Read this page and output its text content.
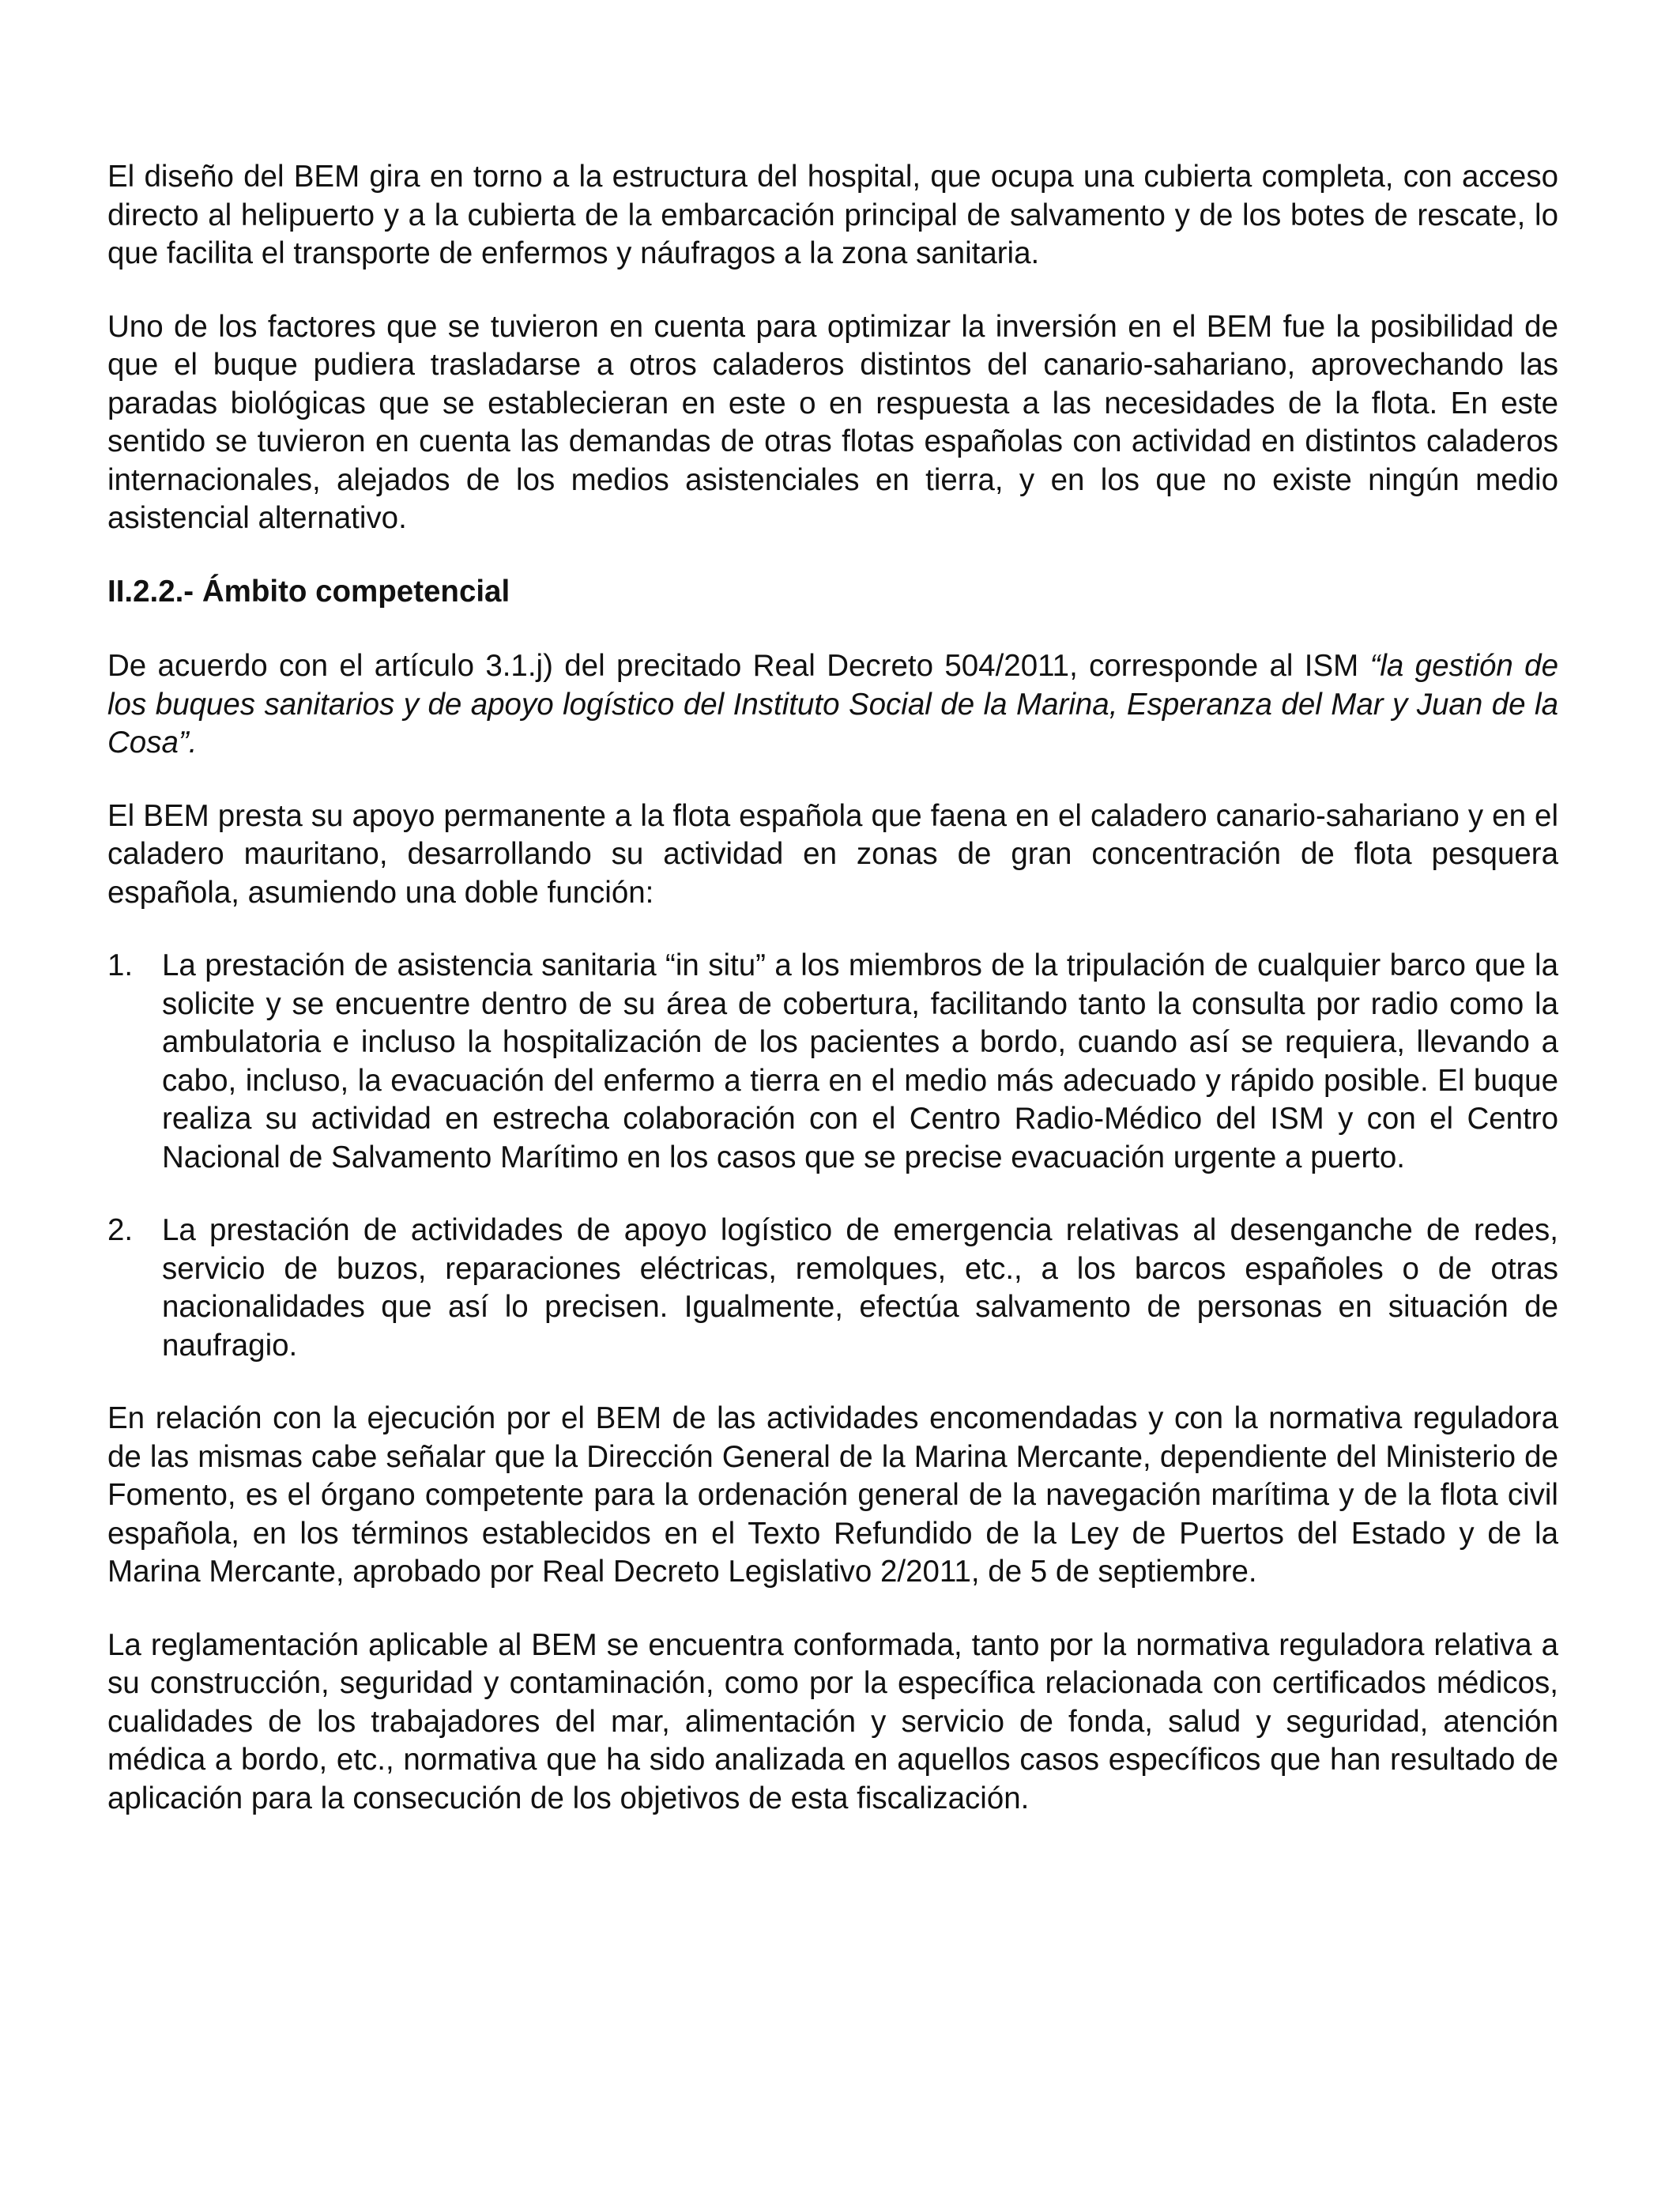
El diseño del BEM gira en torno a la estructura del hospital, que ocupa una cubierta completa, con acceso directo al helipuerto y a la cubierta de la embarcación principal de salvamento y de los botes de rescate, lo que facilita el transporte de enfermos y náufragos a la zona sanitaria.

Uno de los factores que se tuvieron en cuenta para optimizar la inversión en el BEM fue la posibilidad de que el buque pudiera trasladarse a otros caladeros distintos del canario-sahariano, aprovechando las paradas biológicas que se establecieran en este o en respuesta a las necesidades de la flota. En este sentido se tuvieron en cuenta las demandas de otras flotas españolas con actividad en distintos caladeros internacionales, alejados de los medios asistenciales en tierra, y en los que no existe ningún medio asistencial alternativo.

II.2.2.- Ámbito competencial

De acuerdo con el artículo 3.1.j) del precitado Real Decreto 504/2011, corresponde al ISM “la gestión de los buques sanitarios y de apoyo logístico del Instituto Social de la Marina, Esperanza del Mar y Juan de la Cosa”.

El BEM presta su apoyo permanente a la flota española que faena en el caladero canario-sahariano y en el caladero mauritano, desarrollando su actividad en zonas de gran concentración de flota pesquera española, asumiendo una doble función:

1. La prestación de asistencia sanitaria “in situ” a los miembros de la tripulación de cualquier barco que la solicite y se encuentre dentro de su área de cobertura, facilitando tanto la consulta por radio como la ambulatoria e incluso la hospitalización de los pacientes a bordo, cuando así se requiera, llevando a cabo, incluso, la evacuación del enfermo a tierra en el medio más adecuado y rápido posible. El buque realiza su actividad en estrecha colaboración con el Centro Radio-Médico del ISM y con el Centro Nacional de Salvamento Marítimo en los casos que se precise evacuación urgente a puerto.
2. La prestación de actividades de apoyo logístico de emergencia relativas al desenganche de redes, servicio de buzos, reparaciones eléctricas, remolques, etc., a los barcos españoles o de otras nacionalidades que así lo precisen. Igualmente, efectúa salvamento de personas en situación de naufragio.

En relación con la ejecución por el BEM de las actividades encomendadas y con la normativa reguladora de las mismas cabe señalar que la Dirección General de la Marina Mercante, dependiente del Ministerio de Fomento, es el órgano competente para la ordenación general de la navegación marítima y de la flota civil española, en los términos establecidos en el Texto Refundido de la Ley de Puertos del Estado y de la Marina Mercante, aprobado por Real Decreto Legislativo 2/2011, de 5 de septiembre.

La reglamentación aplicable al BEM se encuentra conformada, tanto por la normativa reguladora relativa a su construcción, seguridad y contaminación, como por la específica relacionada con certificados médicos, cualidades de los trabajadores del mar, alimentación y servicio de fonda, salud y seguridad, atención médica a bordo, etc., normativa que ha sido analizada en aquellos casos específicos que han resultado de aplicación para la consecución de los objetivos de esta fiscalización.
